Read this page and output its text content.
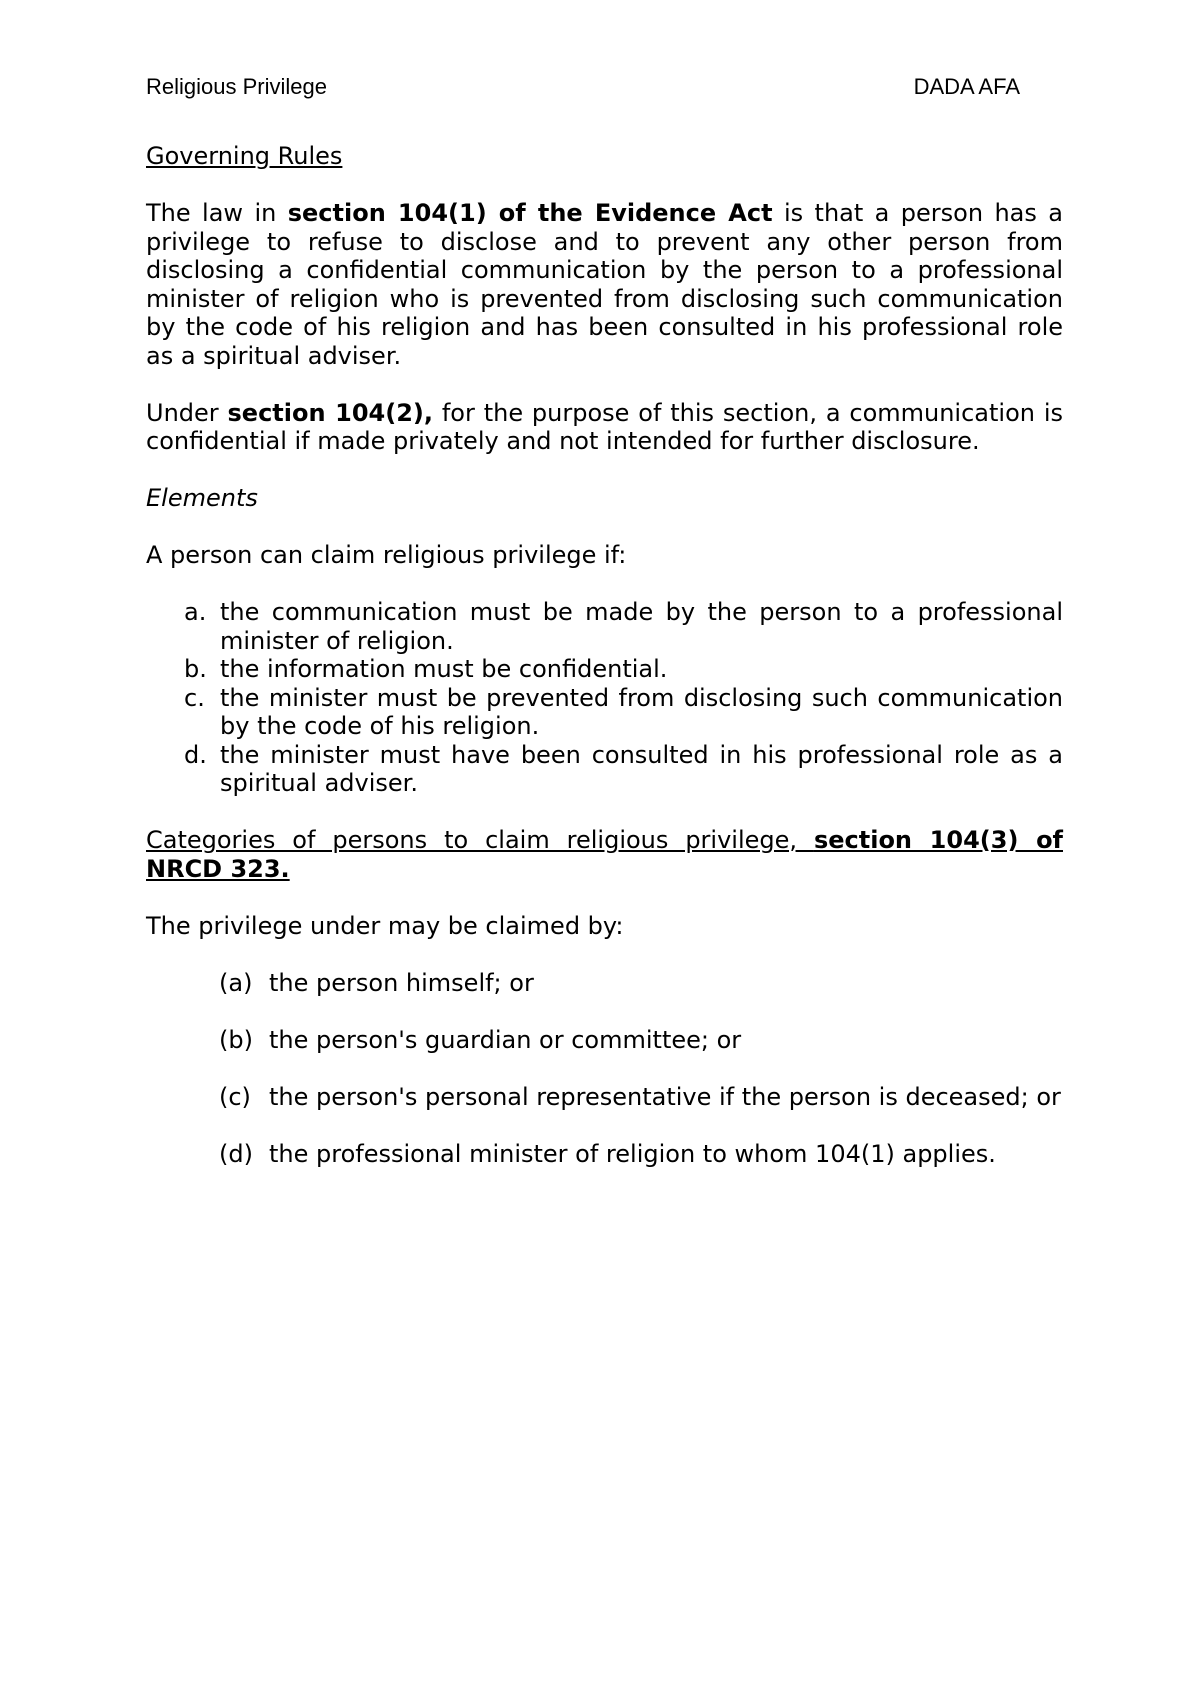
Religious Privilege	DADA AFA

Governing Rules

The law in section 104(1) of the Evidence Act is that a person has a privilege to refuse to disclose and to prevent any other person from disclosing a confidential communication by the person to a professional minister of religion who is prevented from disclosing such communication by the code of his religion and has been consulted in his professional role as a spiritual adviser.

Under section 104(2), for the purpose of this section, a communication is confidential if made privately and not intended for further disclosure.

Elements

A person can claim religious privilege if:

a. the communication must be made by the person to a professional minister of religion.
b. the information must be confidential.
c. the minister must be prevented from disclosing such communication by the code of his religion.
d. the minister must have been consulted in his professional role as a spiritual adviser.

Categories of persons to claim religious privilege, section 104(3) of NRCD 323.

The privilege under may be claimed by:

(a) the person himself; or
(b) the person's guardian or committee; or
(c) the person's personal representative if the person is deceased; or
(d) the professional minister of religion to whom 104(1) applies.
